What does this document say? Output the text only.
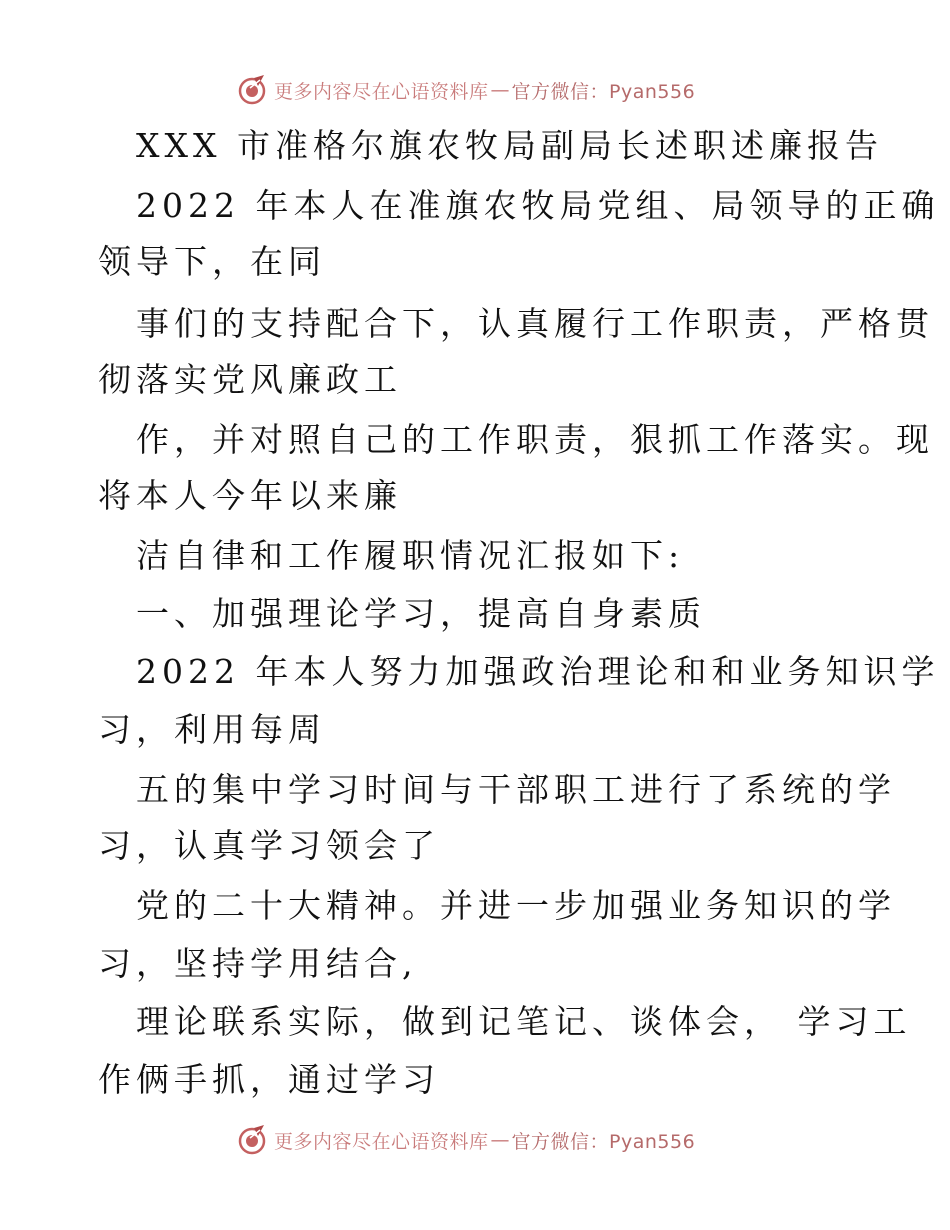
更多内容尽在心语资料库 — 官方微信：Pyan556
XXX 市准格尔旗农牧局副局长述职述廉报告
2022 年本人在准旗农牧局党组、局领导的正确
领导下，在同
事们的支持配合下，认真履行工作职责，严格贯
彻落实党风廉政工
作，并对照自己的工作职责，狠抓工作落实。现
将本人今年以来廉
洁自律和工作履职情况汇报如下:
一、加强理论学习，提高自身素质
2022 年本人努力加强政治理论和和业务知识学
习，利用每周
五的集中学习时间与干部职工进行了系统的学
习，认真学习领会了
党的二十大精神。并进一步加强业务知识的学
习，坚持学用结合,
理论联系实际，做到记笔记、谈体会， 学习工
作俩手抓，通过学习
更多内容尽在心语资料库 — 官方微信：Pyan556
